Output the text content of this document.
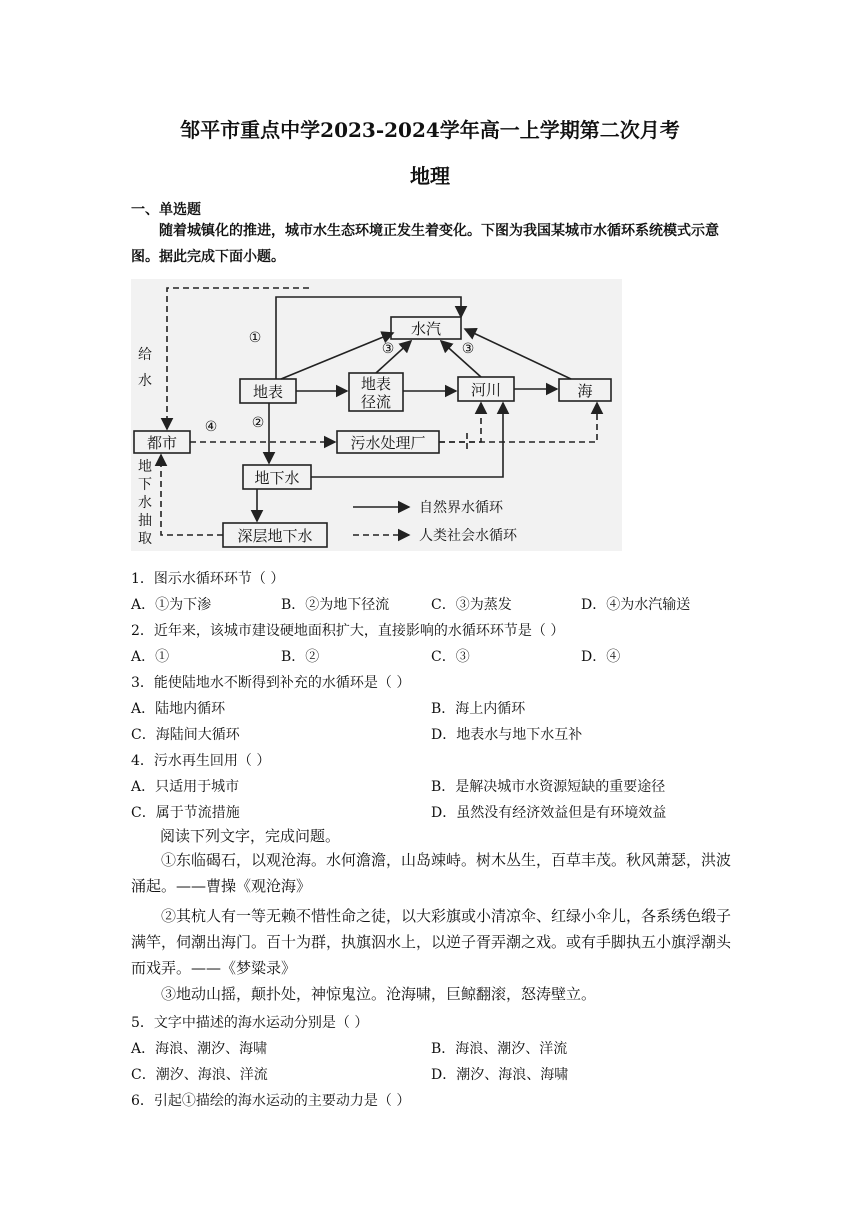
邹平市重点中学2023-2024学年高一上学期第二次月考
地理
一、单选题
随着城镇化的推进，城市水生态环境正发生着变化。下图为我国某城市水循环系统模式示意图。据此完成下面小题。
水汽
地表	地表
径流
河川	海
都市	污水处理厂
地下水
深层地下水
①
③	③
④ ②
给
水
地
下
水
抽
取
自然界水循环
人类社会水循环
1．图示水循环环节（ ）
A．①为下渗	B．②为地下径流	C．③为蒸发	D．④为水汽输送
2．近年来，该城市建设硬地面积扩大，直接影响的水循环环节是（ ）
A．①	B．②	C．③	D．④
3．能使陆地水不断得到补充的水循环是（ ）
A．陆地内循环	B．海上内循环
C．海陆间大循环	D．地表水与地下水互补
4．污水再生回用（ ）
A．只适用于城市	B．是解决城市水资源短缺的重要途径
C．属于节流措施	D．虽然没有经济效益但是有环境效益
阅读下列文字，完成问题。
①东临碣石，以观沧海。水何澹澹，山岛竦峙。树木丛生，百草丰茂。秋风萧瑟，洪波涌起。——曹操《观沧海》
②其杭人有一等无赖不惜性命之徒，以大彩旗或小清凉伞、红绿小伞儿，各系绣色缎子满竿，伺潮出海门。百十为群，执旗泅水上，以逆子胥弄潮之戏。或有手脚执五小旗浮潮头而戏弄。——《梦粱录》
③地动山摇，颠扑处，神惊鬼泣。沧海啸，巨鲸翻滚，怒涛壁立。
5．文字中描述的海水运动分别是（ ）
A．海浪、潮汐、海啸	B．海浪、潮汐、洋流
C．潮汐、海浪、洋流	D．潮汐、海浪、海啸
6．引起①描绘的海水运动的主要动力是（ ）
